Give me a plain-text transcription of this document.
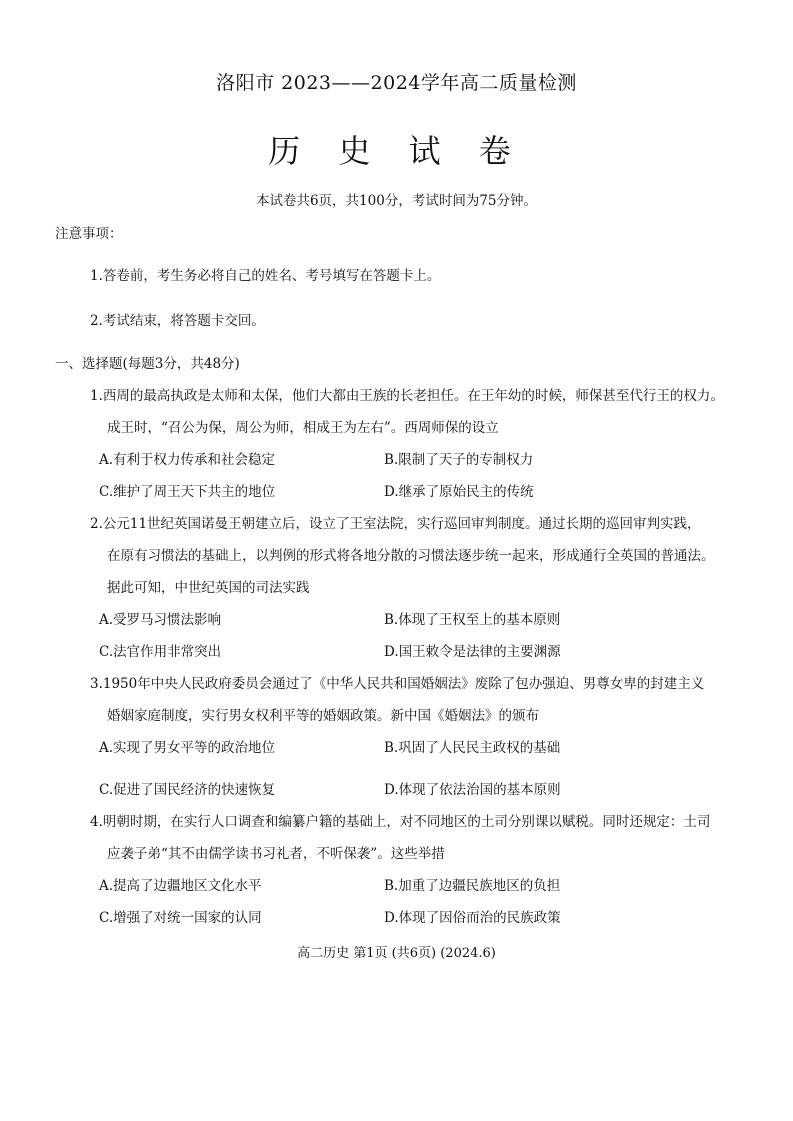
洛阳市 2023——2024学年高二质量检测
历 史 试 卷
本试卷共6页，共100分，考试时间为75分钟。
注意事项：
1.答卷前，考生务必将自己的姓名、考号填写在答题卡上。
2.考试结束，将答题卡交回。
一、选择题(每题3分，共48分)
1.西周的最高执政是太师和太保，他们大都由王族的长老担任。在王年幼的时候，师保甚至代行王的权力。
成王时，“召公为保，周公为师，相成王为左右”。西周师保的设立
A.有利于权力传承和社会稳定	B.限制了天子的专制权力
C.维护了周王天下共主的地位	D.继承了原始民主的传统
2.公元11世纪英国诺曼王朝建立后，设立了王室法院，实行巡回审判制度。通过长期的巡回审判实践，
在原有习惯法的基础上，以判例的形式将各地分散的习惯法逐步统一起来，形成通行全英国的普通法。
据此可知，中世纪英国的司法实践
A.受罗马习惯法影响	B.体现了王权至上的基本原则
C.法官作用非常突出	D.国王敕令是法律的主要渊源
3.1950年中央人民政府委员会通过了《中华人民共和国婚姻法》废除了包办强迫、男尊女卑的封建主义
婚姻家庭制度，实行男女权利平等的婚姻政策。新中国《婚姻法》的颁布
A.实现了男女平等的政治地位	B.巩固了人民民主政权的基础
C.促进了国民经济的快速恢复	D.体现了依法治国的基本原则
4.明朝时期，在实行人口调查和编纂户籍的基础上，对不同地区的土司分别课以赋税。同时还规定：土司
应袭子弟“其不由儒学读书习礼者，不听保袭”。这些举措
A.提高了边疆地区文化水平	B.加重了边疆民族地区的负担
C.增强了对统一国家的认同	D.体现了因俗而治的民族政策
高二历史 第1页 (共6页) (2024.6)
